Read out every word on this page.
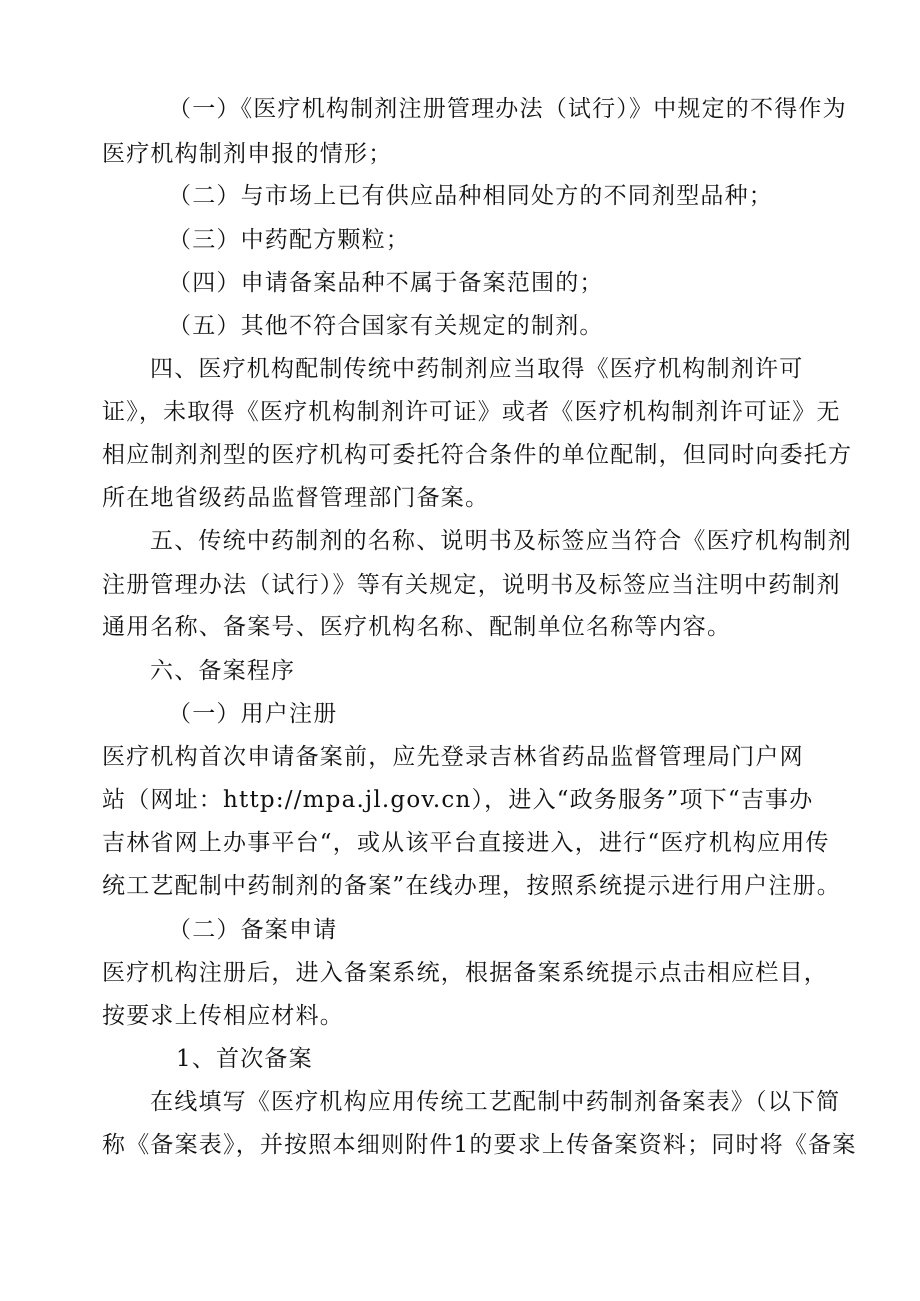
（一）《医疗机构制剂注册管理办法（试行）》中规定的不得作为
医疗机构制剂申报的情形；
（二）与市场上已有供应品种相同处方的不同剂型品种；
（三）中药配方颗粒；
（四）申请备案品种不属于备案范围的；
（五）其他不符合国家有关规定的制剂。
四、医疗机构配制传统中药制剂应当取得《医疗机构制剂许可
证》，未取得《医疗机构制剂许可证》或者《医疗机构制剂许可证》无
相应制剂剂型的医疗机构可委托符合条件的单位配制，但同时向委托方
所在地省级药品监督管理部门备案。
五、传统中药制剂的名称、说明书及标签应当符合《医疗机构制剂
注册管理办法（试行）》等有关规定，说明书及标签应当注明中药制剂
通用名称、备案号、医疗机构名称、配制单位名称等内容。
六、备案程序
（一）用户注册
医疗机构首次申请备案前，应先登录吉林省药品监督管理局门户网
站（网址：http://mpa.jl.gov.cn），进入“政务服务”项下“吉事办
吉林省网上办事平台“，或从该平台直接进入，进行“医疗机构应用传
统工艺配制中药制剂的备案”在线办理，按照系统提示进行用户注册。
（二）备案申请
医疗机构注册后，进入备案系统，根据备案系统提示点击相应栏目，
按要求上传相应材料。
1、首次备案
在线填写《医疗机构应用传统工艺配制中药制剂备案表》（以下简
称《备案表》，并按照本细则附件1的要求上传备案资料；同时将《备案
